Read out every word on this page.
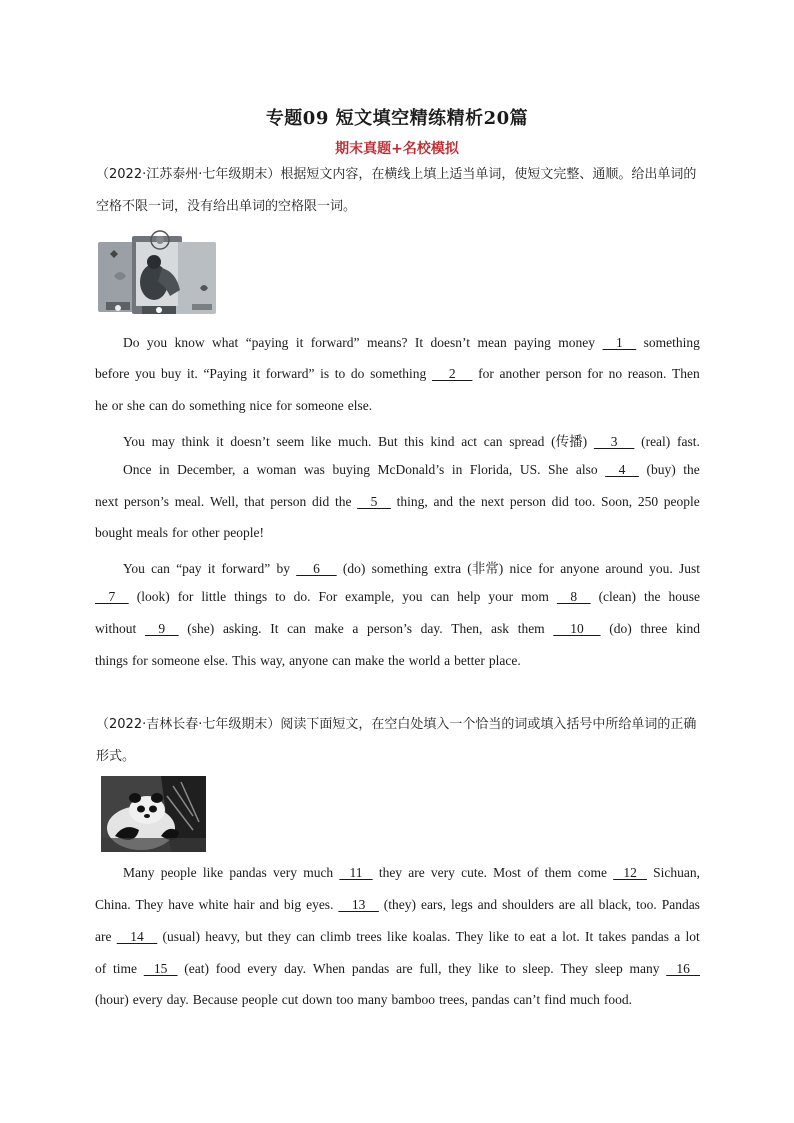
专题09 短文填空精练精析20篇
期末真题+名校模拟
（2022·江苏泰州·七年级期末）根据短文内容，在横线上填上适当单词，使短文完整、通顺。给出单词的空格不限一词，没有给出单词的空格限一词。
Do you know what “paying it forward” means? It doesn’t mean paying money 1 something
before you buy it. “Paying it forward” is to do something 2 for another person for no reason. Then
he or she can do something nice for someone else.
You may think it doesn’t seem like much. But this kind act can spread (传播) 3 (real) fast.
Once in December, a woman was buying McDonald’s in Florida, US. She also 4 (buy) the
next person’s meal. Well, that person did the 5 thing, and the next person did too. Soon, 250 people
bought meals for other people!
You can “pay it forward” by 6 (do) something extra (非常) nice for anyone around you. Just
7 (look) for little things to do. For example, you can help your mom 8 (clean) the house
without 9 (she) asking. It can make a person’s day. Then, ask them 10 (do) three kind
things for someone else. This way, anyone can make the world a better place.
（2022·吉林长春·七年级期末）阅读下面短文，在空白处填入一个恰当的词或填入括号中所给单词的正确形式。
Many people like pandas very much 11 they are very cute. Most of them come 12 Sichuan,
China. They have white hair and big eyes. 13 (they) ears, legs and shoulders are all black, too. Pandas
are 14 (usual) heavy, but they can climb trees like koalas. They like to eat a lot. It takes pandas a lot
of time 15 (eat) food every day. When pandas are full, they like to sleep. They sleep many 16
(hour) every day. Because people cut down too many bamboo trees, pandas can’t find much food.
